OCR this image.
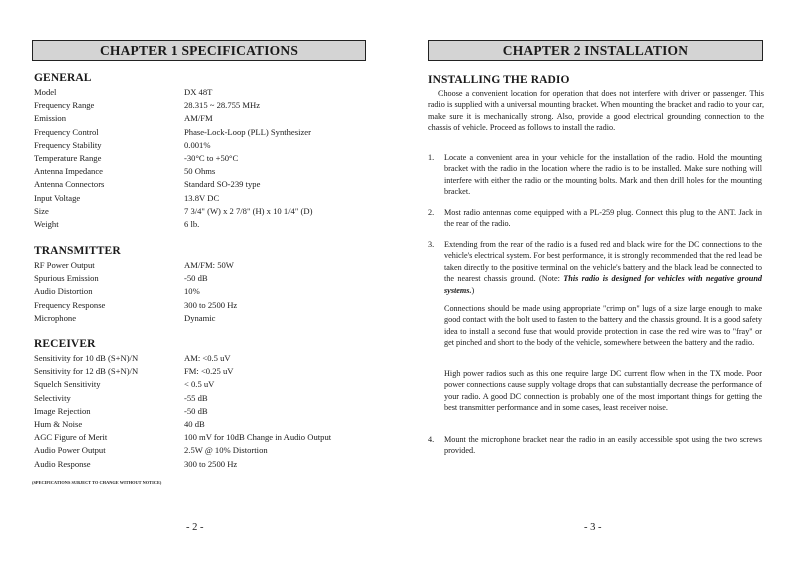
CHAPTER 1 SPECIFICATIONS
GENERAL
Model	DX 48T
Frequency Range	28.315 ~ 28.755 MHz
Emission	AM/FM
Frequency Control	Phase-Lock-Loop (PLL) Synthesizer
Frequency Stability	0.001%
Temperature Range	-30°C to +50°C
Antenna Impedance	50 Ohms
Antenna Connectors	Standard SO-239 type
Input Voltage	13.8V DC
Size	7 3/4" (W) x 2 7/8" (H) x 10 1/4" (D)
Weight	6 lb.
TRANSMITTER
RF Power Output	AM/FM: 50W
Spurious Emission	-50 dB
Audio Distortion	10%
Frequency Response	300 to 2500 Hz
Microphone	Dynamic
RECEIVER
Sensitivity for 10 dB (S+N)/N	AM: <0.5 uV
Sensitivity for 12 dB (S+N)/N	FM: <0.25 uV
Squelch Sensitivity	< 0.5 uV
Selectivity	-55 dB
Image Rejection	-50 dB
Hum & Noise	40 dB
AGC Figure of Merit	100 mV for 10dB Change in Audio Output
Audio Power Output	2.5W @ 10% Distortion
Audio Response	300 to 2500 Hz
(SPECIFICATIONS SUBJECT TO CHANGE WITHOUT NOTICE)
- 2 -
CHAPTER 2 INSTALLATION
INSTALLING THE RADIO
Choose a convenient location for operation that does not interfere with driver or passenger. This radio is supplied with a universal mounting bracket. When mounting the bracket and radio to your car, make sure it is mechanically strong. Also, provide a good electrical grounding connection to the chassis of vehicle. Proceed as follows to install the radio.
1.	Locate a convenient area in your vehicle for the installation of the radio. Hold the mounting bracket with the radio in the location where the radio is to be installed. Make sure nothing will interfere with either the radio or the mounting bolts. Mark and then drill holes for the mounting bracket.
2.	Most radio antennas come equipped with a PL-259 plug. Connect this plug to the ANT. Jack in the rear of the radio.
3.	Extending from the rear of the radio is a fused red and black wire for the DC connections to the vehicle's electrical system. For best performance, it is strongly recommended that the red lead be taken directly to the positive terminal on the vehicle's battery and the black lead be connected to the nearest chassis ground. (Note: This radio is designed for vehicles with negative ground systems.)
Connections should be made using appropriate "crimp on" lugs of a size large enough to make good contact with the bolt used to fasten to the battery and the chassis ground. It is a good safety idea to install a second fuse that would provide protection in case the red wire was to "fray" or get pinched and short to the body of the vehicle, somewhere between the battery and the radio.
High power radios such as this one require large DC current flow when in the TX mode. Poor power connections cause supply voltage drops that can substantially decrease the performance of your radio. A good DC connection is probably one of the most important things for getting the best transmitter performance and in some cases, least receiver noise.
4.	Mount the microphone bracket near the radio in an easily accessible spot using the two screws provided.
- 3 -
